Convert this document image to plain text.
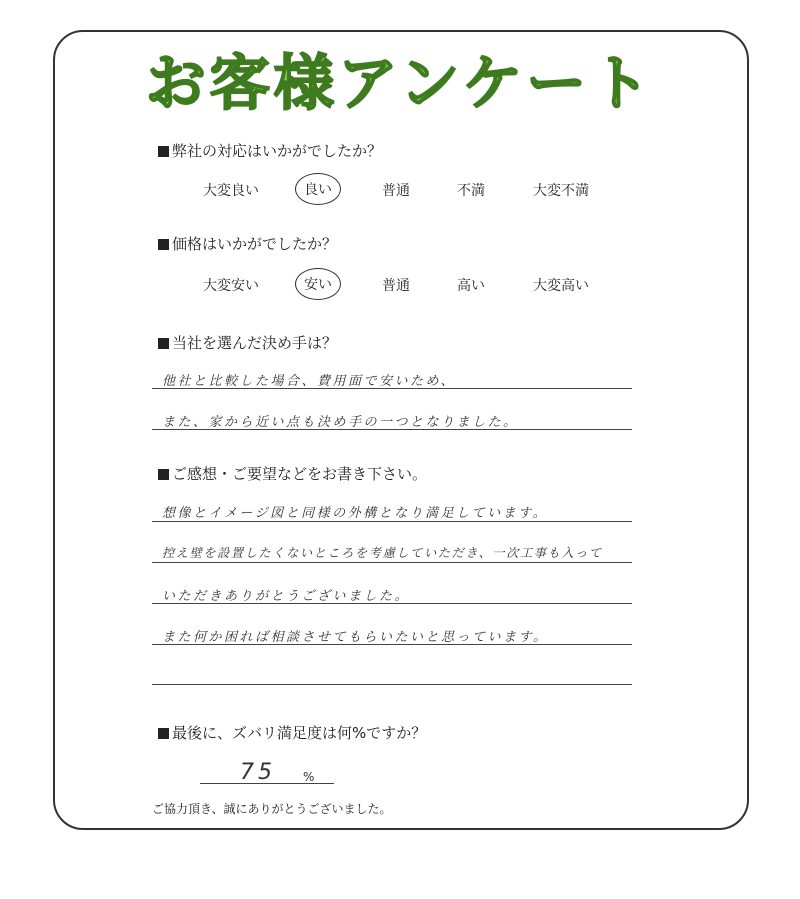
お客様アンケート
弊社の対応はいかがでしたか？
大変良い	良い	普通	不満	大変不満
価格はいかがでしたか？
大変安い	安い	普通	高い	大変高い
当社を選んだ決め手は？
他社と比較した場合、費用面で安いため、
また、家から近い点も決め手の一つとなりました。
ご感想・ご要望などをお書き下さい。
想像とイメージ図と同様の外構となり満足しています。
控え壁を設置したくないところを考慮していただき、一次工事も入って
いただきありがとうございました。
また何か困れば相談させてもらいたいと思っています。
最後に、ズバリ満足度は何%ですか？
75 %
ご協力頂き、誠にありがとうございました。
